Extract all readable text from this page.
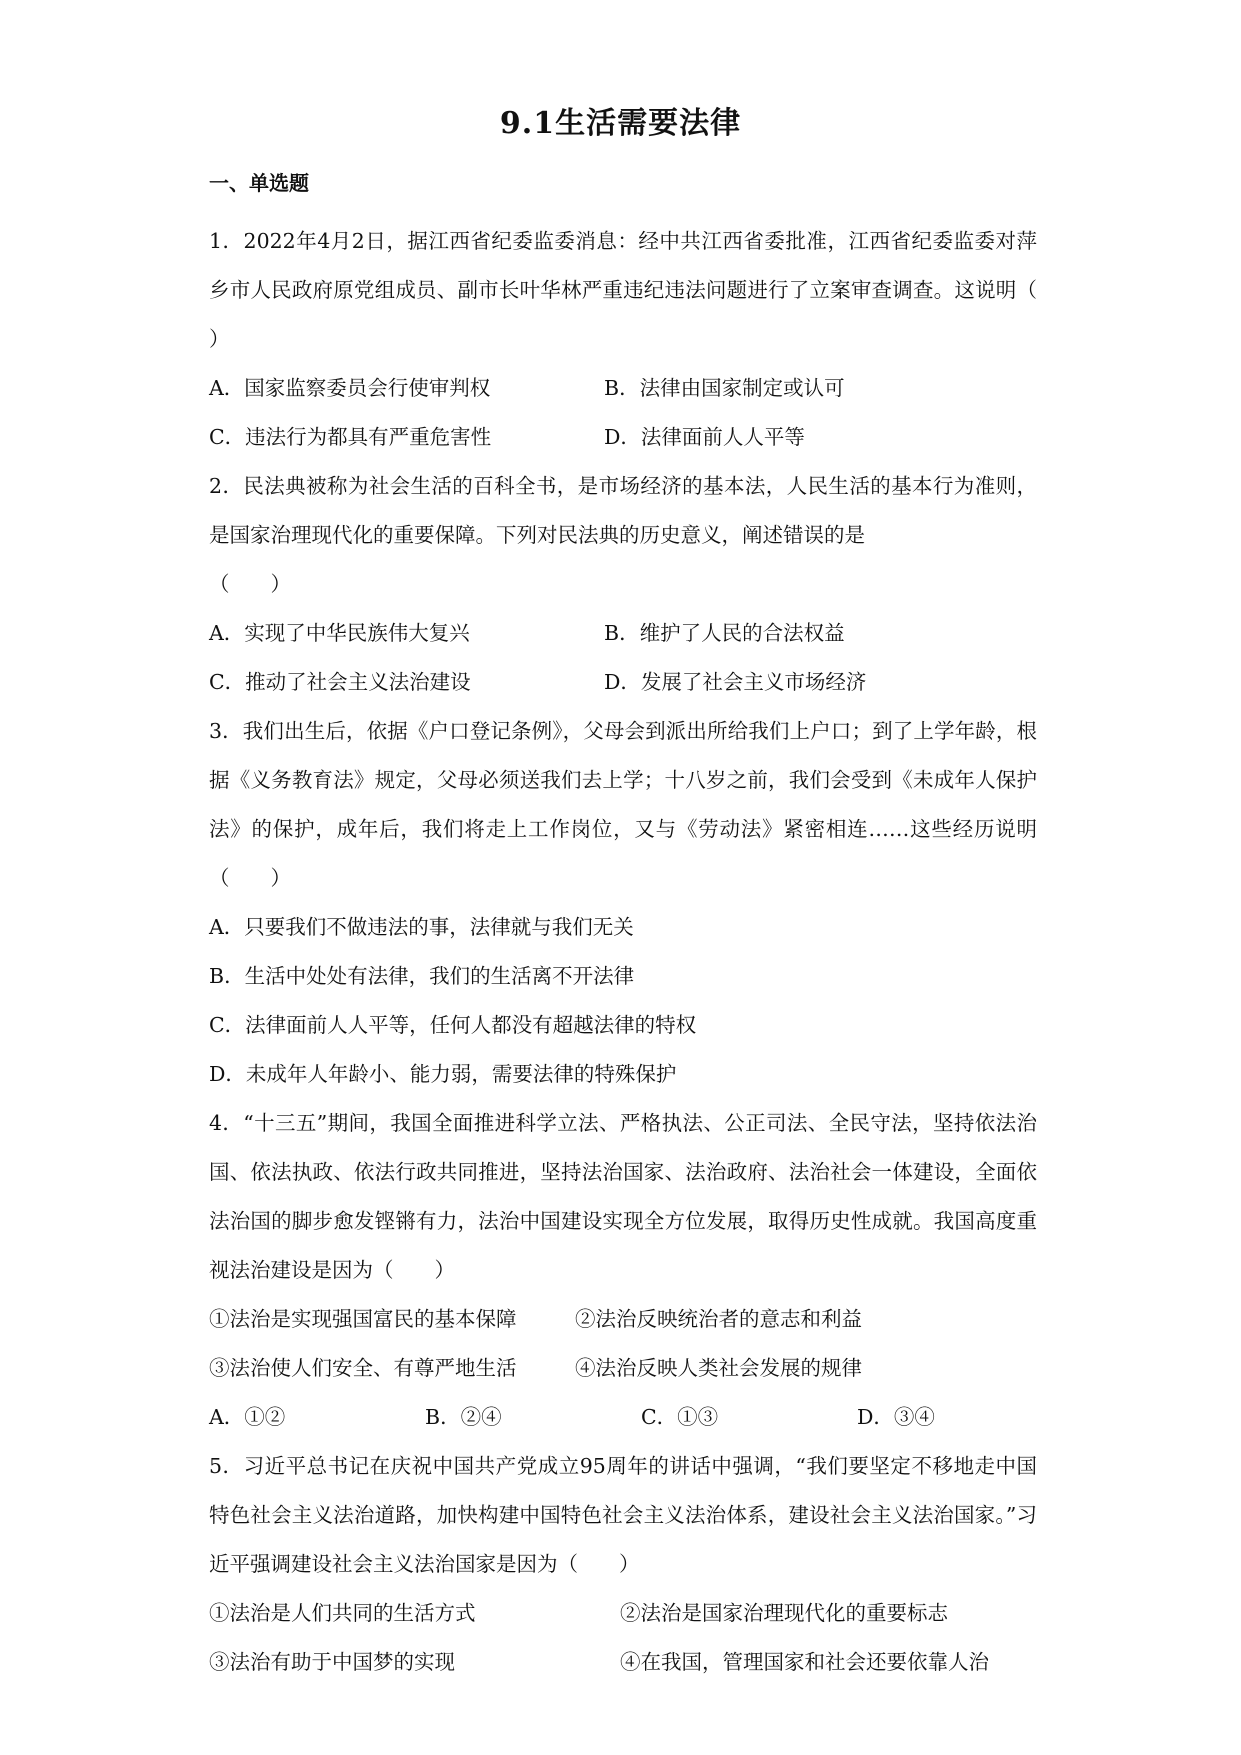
9.1生活需要法律
一、单选题

1．2022年4月2日，据江西省纪委监委消息：经中共江西省委批准，江西省纪委监委对萍乡市人民政府原党组成员、副市长叶华林严重违纪违法问题进行了立案审查调查。这说明（ ）

A．国家监察委员会行使审判权	B．法律由国家制定或认可
C．违法行为都具有严重危害性	D．法律面前人人平等

2．民法典被称为社会生活的百科全书，是市场经济的基本法，人民生活的基本行为准则，是国家治理现代化的重要保障。下列对民法典的历史意义，阐述错误的是

（　　）

A．实现了中华民族伟大复兴	B．维护了人民的合法权益
C．推动了社会主义法治建设	D．发展了社会主义市场经济

3．我们出生后，依据《户口登记条例》，父母会到派出所给我们上户口；到了上学年龄，根据《义务教育法》规定，父母必须送我们去上学；十八岁之前，我们会受到《未成年人保护法》的保护，成年后，我们将走上工作岗位，又与《劳动法》紧密相连……这些经历说明（　　）

A．只要我们不做违法的事，法律就与我们无关
B．生活中处处有法律，我们的生活离不开法律
C．法律面前人人平等，任何人都没有超越法律的特权
D．未成年人年龄小、能力弱，需要法律的特殊保护

4．“十三五”期间，我国全面推进科学立法、严格执法、公正司法、全民守法，坚持依法治国、依法执政、依法行政共同推进，坚持法治国家、法治政府、法治社会一体建设，全面依法治国的脚步愈发铿锵有力，法治中国建设实现全方位发展，取得历史性成就。我国高度重视法治建设是因为（　　）

①法治是实现强国富民的基本保障	②法治反映统治者的意志和利益
③法治使人们安全、有尊严地生活	④法治反映人类社会发展的规律
A．①②	B．②④	C．①③	D．③④

5．习近平总书记在庆祝中国共产党成立95周年的讲话中强调，“我们要坚定不移地走中国特色社会主义法治道路，加快构建中国特色社会主义法治体系，建设社会主义法治国家。”习近平强调建设社会主义法治国家是因为（　　）

①法治是人们共同的生活方式	②法治是国家治理现代化的重要标志
③法治有助于中国梦的实现	④在我国，管理国家和社会还要依靠人治
